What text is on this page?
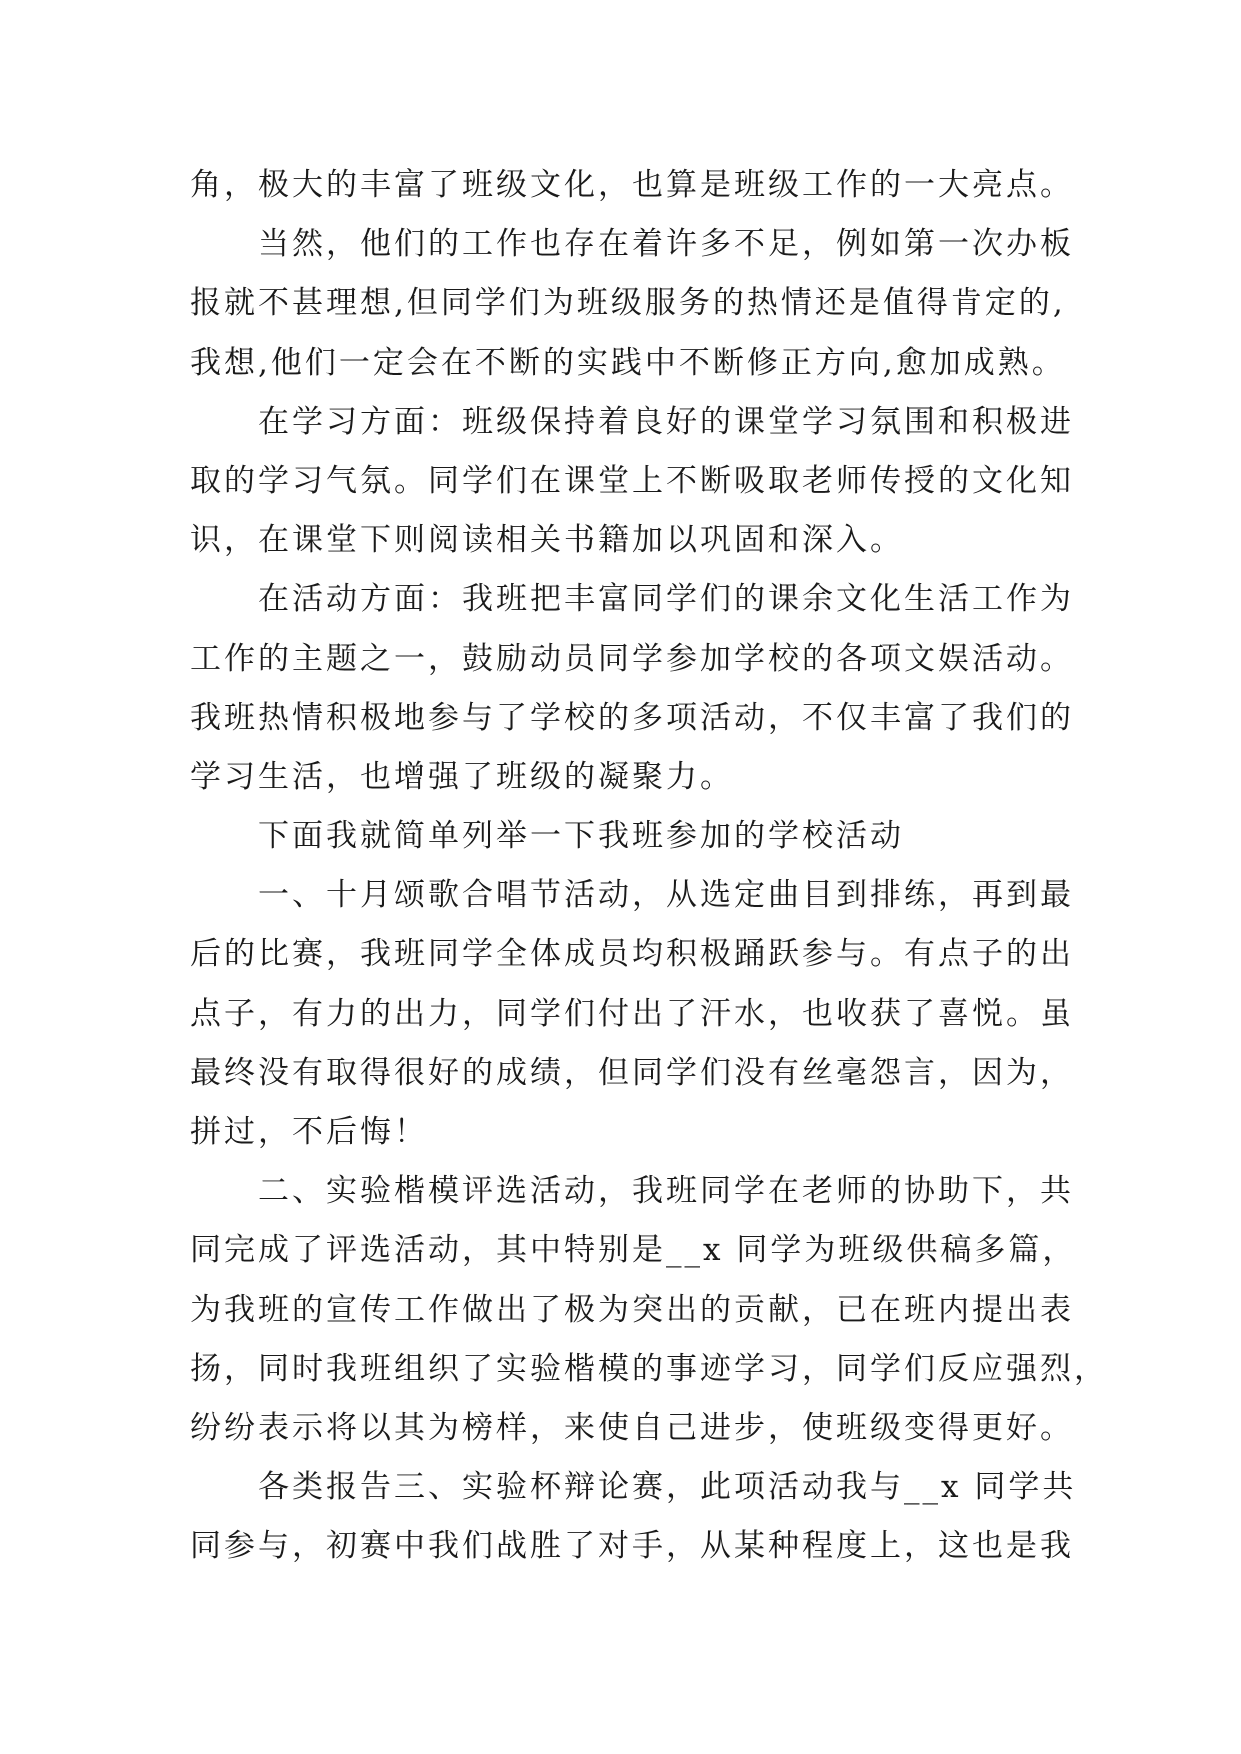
角，极大的丰富了班级文化，也算是班级工作的一大亮点。
当然，他们的工作也存在着许多不足，例如第一次办板
报就不甚理想,但同学们为班级服务的热情还是值得肯定的,
我想,他们一定会在不断的实践中不断修正方向,愈加成熟。
在学习方面：班级保持着良好的课堂学习氛围和积极进
取的学习气氛。同学们在课堂上不断吸取老师传授的文化知
识，在课堂下则阅读相关书籍加以巩固和深入。
在活动方面：我班把丰富同学们的课余文化生活工作为
工作的主题之一，鼓励动员同学参加学校的各项文娱活动。
我班热情积极地参与了学校的多项活动，不仅丰富了我们的
学习生活，也增强了班级的凝聚力。
下面我就简单列举一下我班参加的学校活动
一、十月颂歌合唱节活动，从选定曲目到排练，再到最
后的比赛，我班同学全体成员均积极踊跃参与。有点子的出
点子，有力的出力，同学们付出了汗水，也收获了喜悦。虽
最终没有取得很好的成绩，但同学们没有丝毫怨言，因为，
拼过，不后悔！
二、实验楷模评选活动，我班同学在老师的协助下，共
同完成了评选活动，其中特别是__x 同学为班级供稿多篇，
为我班的宣传工作做出了极为突出的贡献，已在班内提出表
扬，同时我班组织了实验楷模的事迹学习，同学们反应强烈，
纷纷表示将以其为榜样，来使自己进步，使班级变得更好。
各类报告三、实验杯辩论赛，此项活动我与__x 同学共
同参与，初赛中我们战胜了对手，从某种程度上，这也是我
